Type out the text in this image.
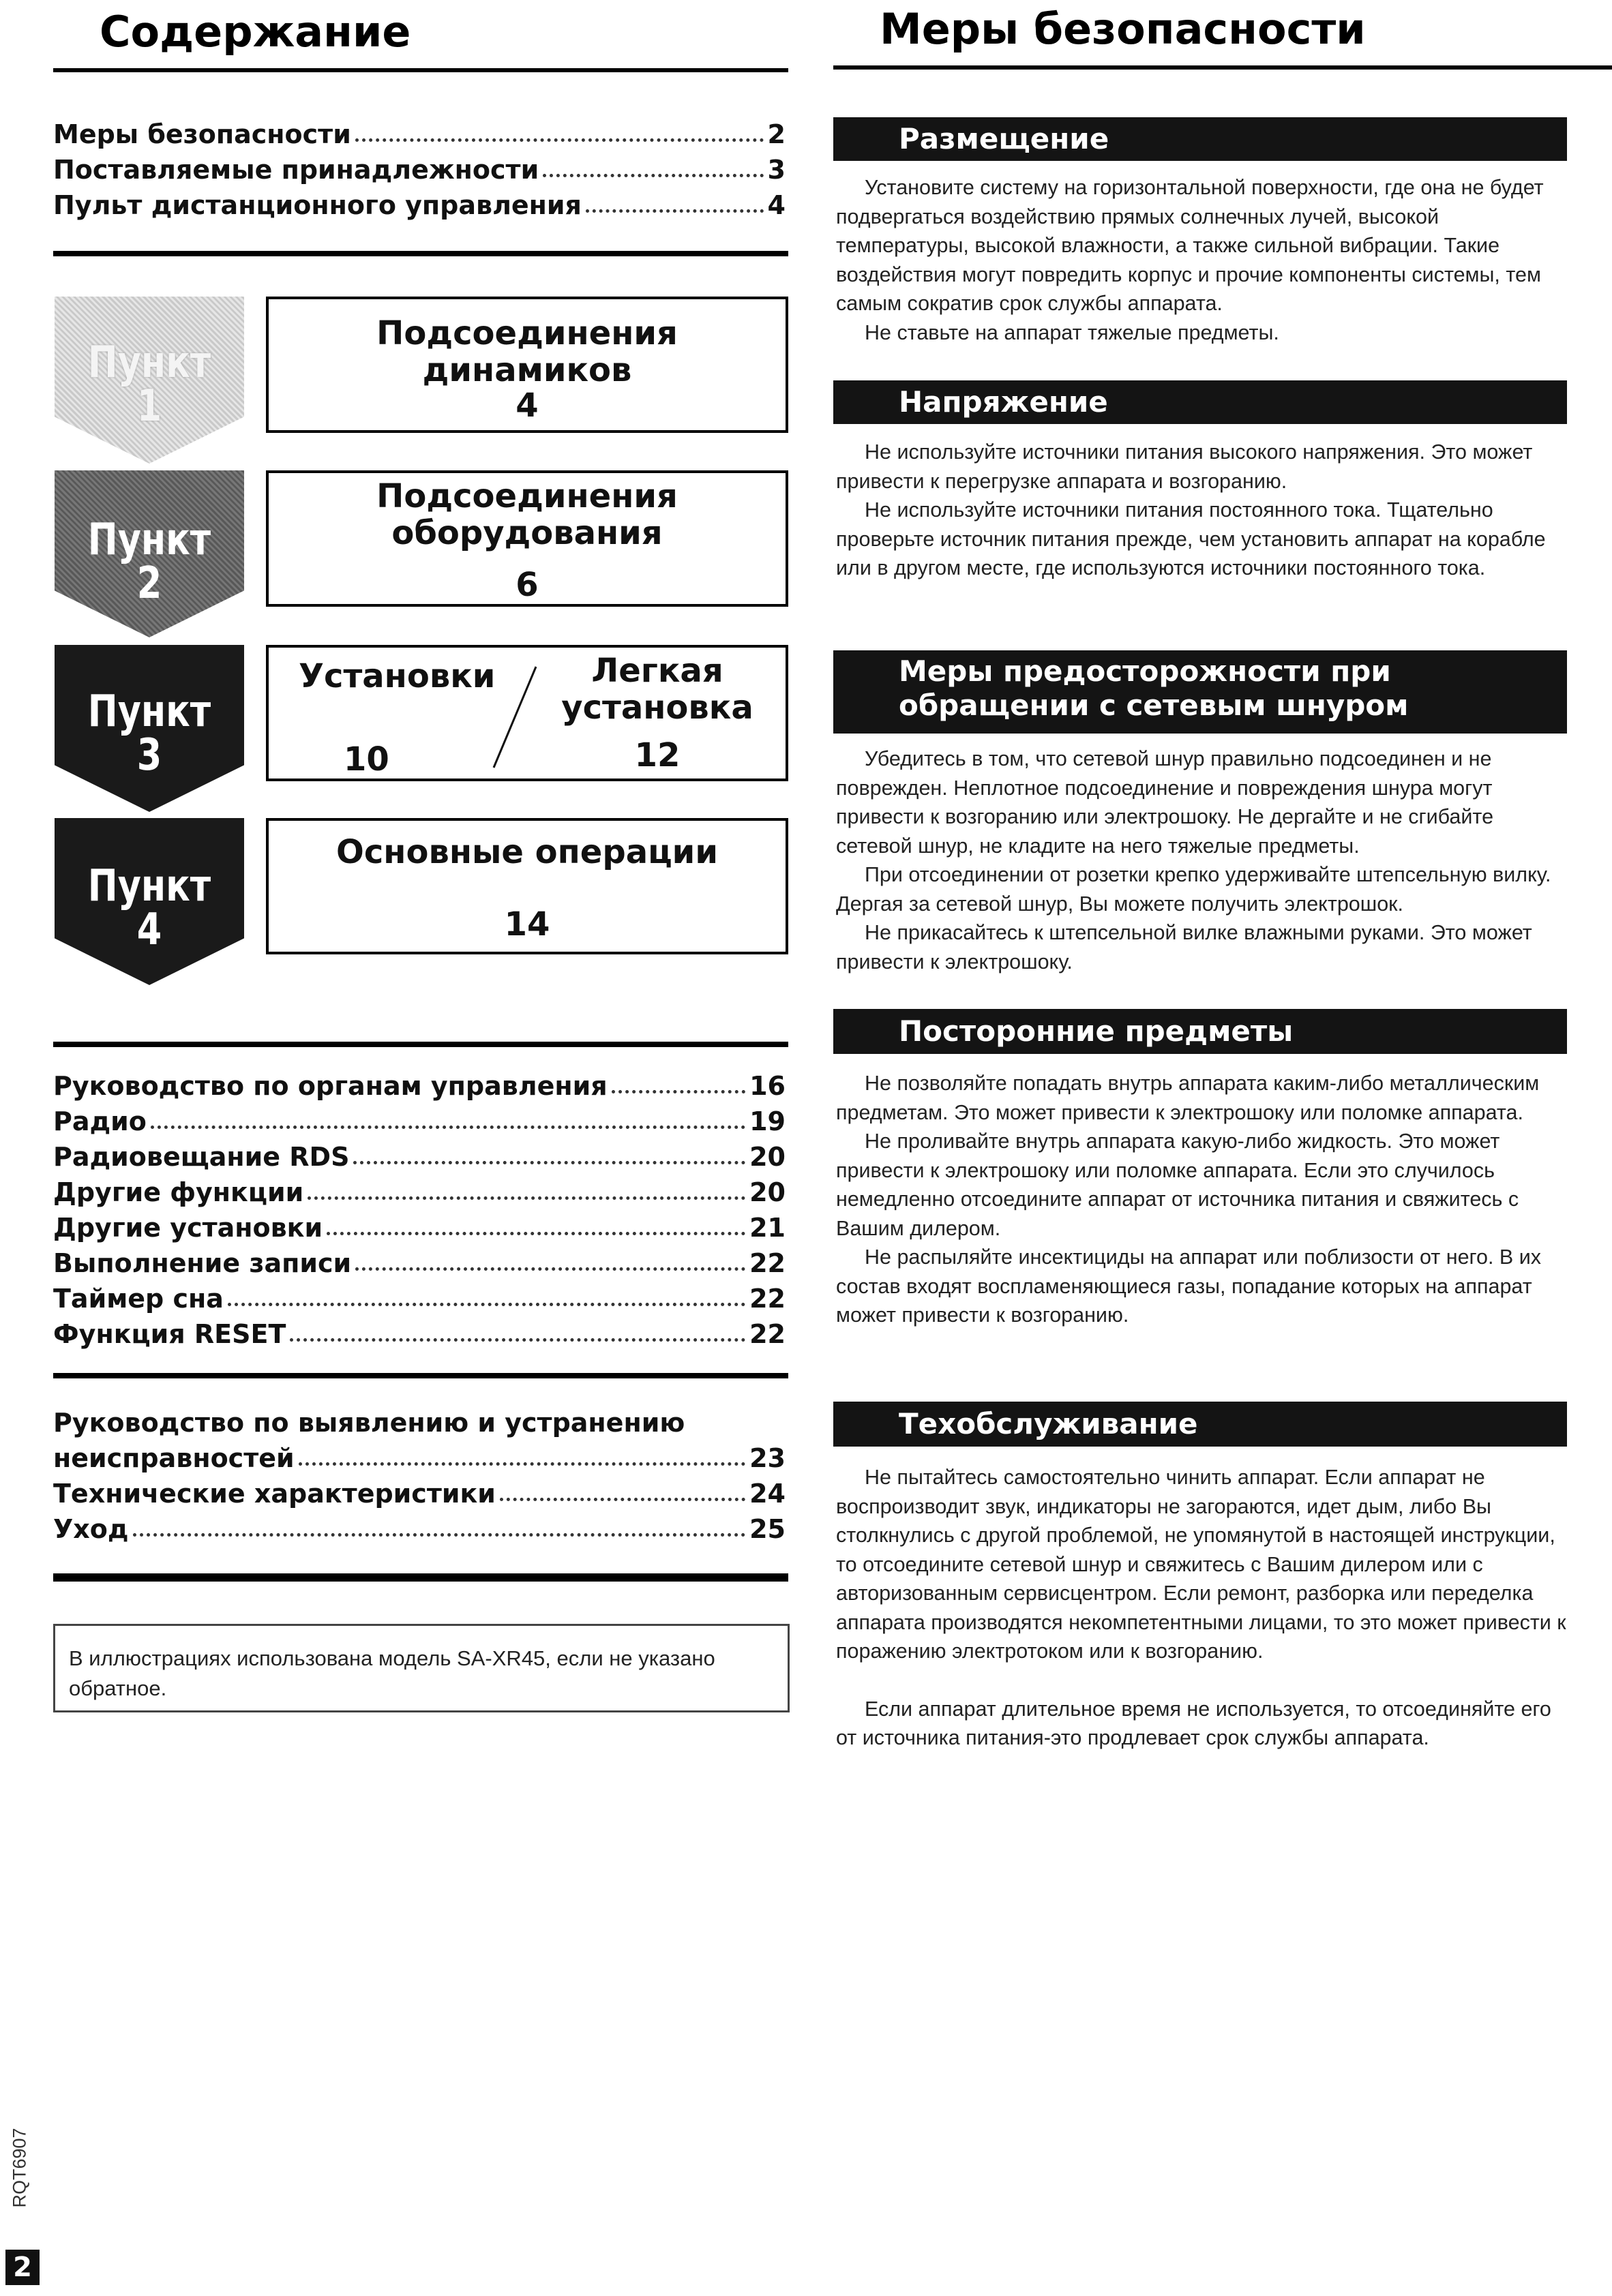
Содержание
Меры безопасности	2
Поставляемые принадлежности	3
Пульт дистанционного управления	4
Пункт 1
Подсоединения динамиков
4
Пункт 2
Подсоединения
оборудования
6
Пункт 3
Установки
10
Легкая
установка
12
Пункт 4
Основные операции
14
Руководство по органам управления	16
Радио	19
Радиовещание RDS	20
Другие функции	20
Другие установки	21
Выполнение записи	22
Таймер сна	22
Функция RESET	22
Руководство по выявлению и устранению
неисправностей	23
Технические характеристики	24
Уход	25
В иллюстрациях использована модель SA-XR45, если не указано обратное.
Меры безопасности
Размещение

Установите систему на горизонтальной поверхности, где она не будет подвергаться воздействию прямых солнечных лучей, высокой температуры, высокой влажности, а также сильной вибрации. Такие воздействия могут повредить корпус и прочие компоненты системы, тем самым сократив срок службы аппарата.

Не ставьте на аппарат тяжелые предметы.

Напряжение

Не используйте источники питания высокого напряжения. Это может привести к перегрузке аппарата и возгоранию.

Не используйте источники питания постоянного тока. Тщательно проверьте источник питания прежде, чем установить аппарат на корабле или в другом месте, где используются источники постоянного тока.

Меры предосторожности при
обращении с сетевым шнуром

Убедитесь в том, что сетевой шнур правильно подсоединен и не поврежден. Неплотное подсоединение и повреждения шнура могут привести к возгоранию или электрошоку. Не дергайте и не сгибайте сетевой шнур, не кладите на него тяжелые предметы.

При отсоединении от розетки крепко удерживайте штепсельную вилку. Дергая за сетевой шнур, Вы можете получить электрошок.

Не прикасайтесь к штепсельной вилке влажными руками. Это может привести к электрошоку.

Посторонние предметы

Не позволяйте попадать внутрь аппарата каким-либо металлическим предметам. Это может привести к электрошоку или поломке аппарата.

Не проливайте внутрь аппарата какую-либо жидкость. Это может привести к электрошоку или поломке аппарата. Если это случилось немедленно отсоедините аппарат от источника питания и свяжитесь с Вашим дилером.

Не распыляйте инсектициды на аппарат или поблизости от него. В их состав входят воспламеняющиеся газы, попадание которых на аппарат может привести к возгоранию.

Техобслуживание

Не пытайтесь самостоятельно чинить аппарат. Если аппарат не воспроизводит звук, индикаторы не загораются, идет дым, либо Вы столкнулись с другой проблемой, не упомянутой в настоящей инструкции, то отсоедините сетевой шнур и свяжитесь с Вашим дилером или с авторизованным сервисцентром. Если ремонт, разборка или переделка аппарата производятся некомпетентными лицами, то это может привести к поражению электротоком или к возгоранию.

Если аппарат длительное время не используется, то отсоединяйте его от источника питания-это продлевает срок службы аппарата.

RQT6907
2
